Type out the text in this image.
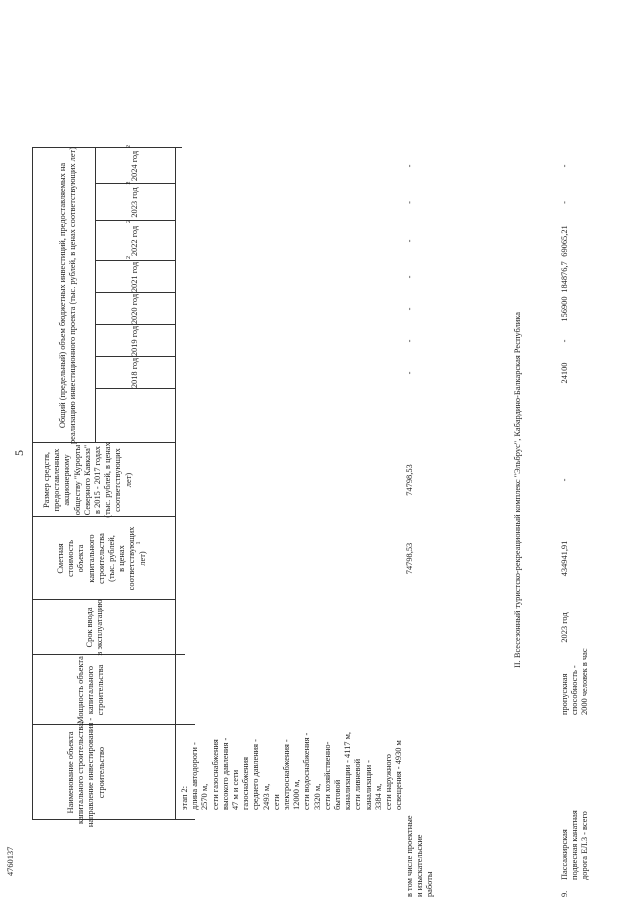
Наименование объекта капитального строительства, направление инвестирования - строительство
Мощность объекта капитального строительства
Срок ввода в эксплуатацию
Сметная стоимость объекта капитального строительства (тыс. рублей, в ценах соответствующих лет)
1
Размер средств, предоставленных акционерному обществу "Курорты Северного Кавказа" в 2015 - 2017 годах (тыс. рублей, в ценах соответствующих лет)
Общий (предельный) объем бюджетных инвестиций, предоставляемых на реализацию инвестиционного проекта (тыс. рублей, в ценах соответствующих лет)	2018 год
2019 год
2020 год
2021 год
2
2022 год
2
2023 год
2
2024 год
2
5
этап 2: длина автодороги - 2570 м, сети газоснабжения высокого давления - 47 м и сети газоснабжения среднего давления - 2493 м, сети электроснабжения - 12000 м, сети водоснабжения - 3320 м, сети хозяйственно- бытовой канализации - 4117 м, сети ливневой канализации - 3384 м, сети наружного освещения - 4930 м
в том числе проектные и изыскательские работы
74798,53
74798,53
-
-
-
-
-
-
-
II. Всесезонный туристско-рекреационный комплекс "Эльбрус", Кабардино-Балкарская Республика
9.
Пассажирская подвесная канатная дорога ЕЛ.3 - всего
пропускная способность - 2000 человек в час
2023 год
434941,91
-
24100
-
156900
184876,7
69065,21
-
-
4760137
